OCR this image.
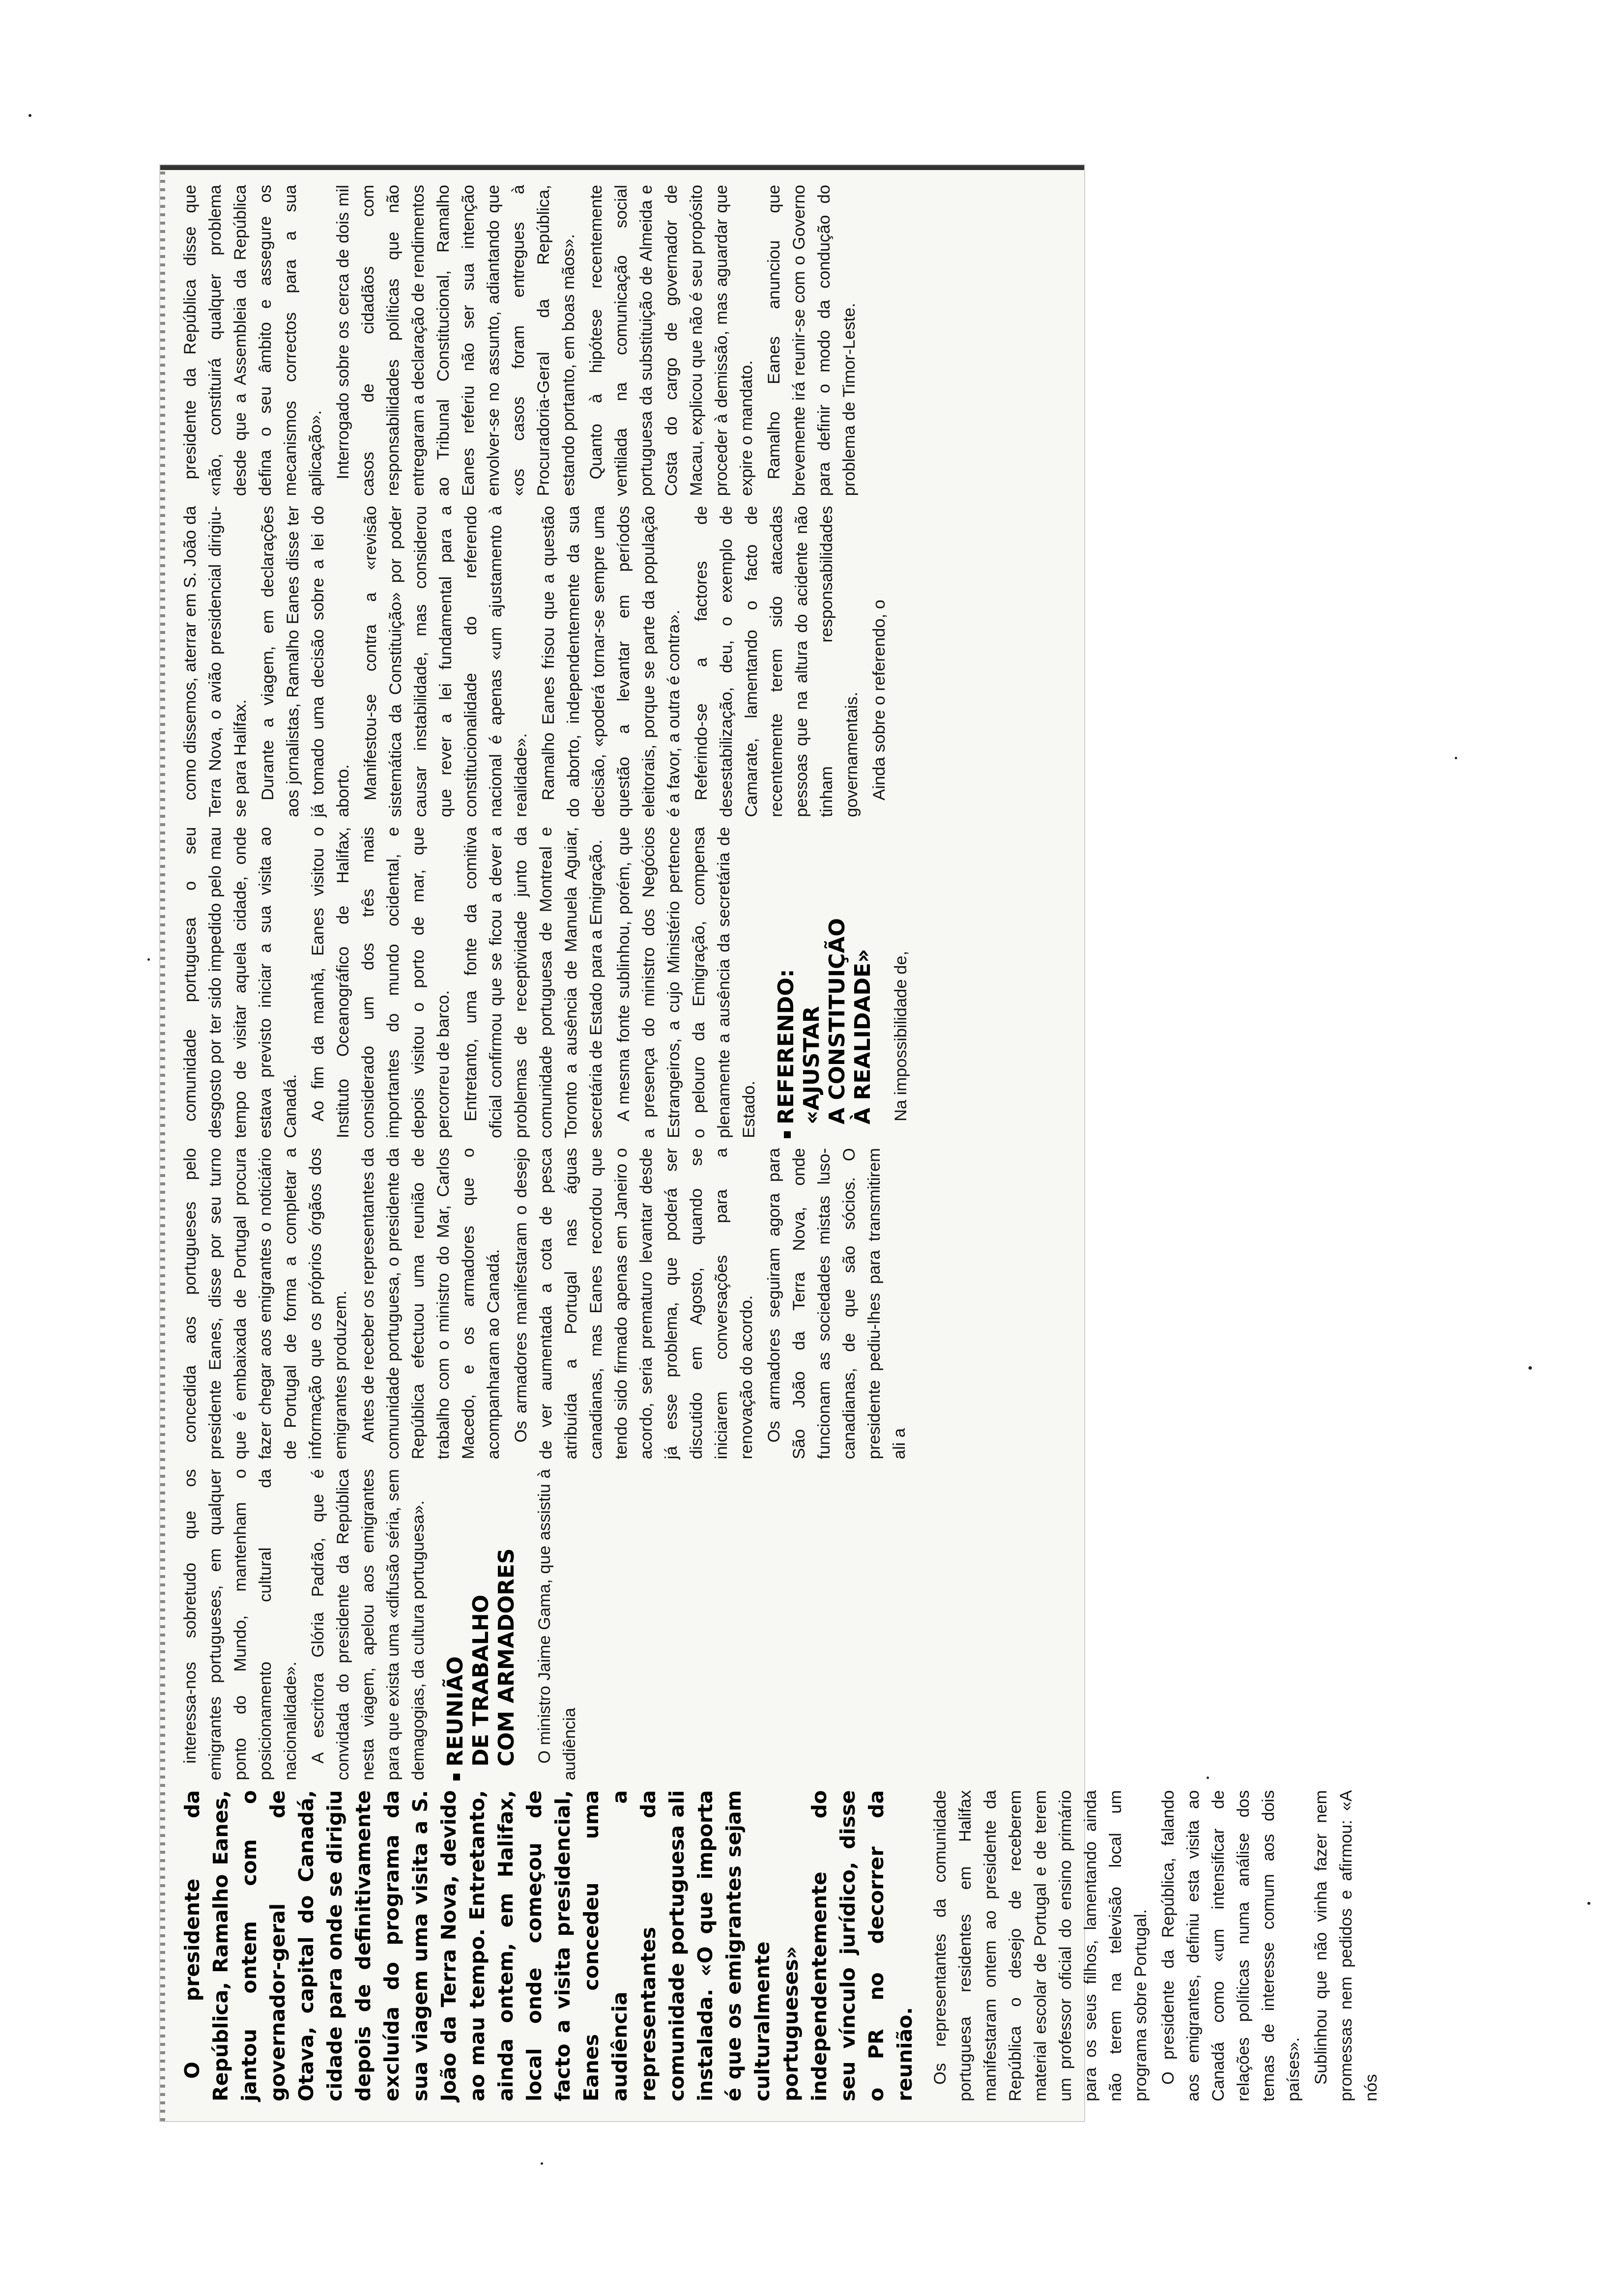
O presidente da República, Ramalho Eanes, jantou ontem com o governador-geral de Otava, capital do Canadá, cidade para onde se dirigiu depois de definitivamente excluída do programa da sua viagem uma visita a S. João da Terra Nova, devido ao mau tempo. Entretanto, ainda ontem, em Halifax, local onde começou de facto a visita presidencial, Eanes concedeu uma audiência a representantes da comunidade portuguesa ali instalada. «O que importa é que os emigrantes sejam culturalmente portugueses» independentemente do seu vínculo jurídico, disse o PR no decorrer da reunião. Os representantes da comunidade portuguesa residentes em Halifax manifestaram ontem ao presidente da República o desejo de receberem material escolar de Portugal e de terem um professor oficial do ensino primário para os seus filhos, lamentando ainda não terem na televisão local um programa sobre Portugal. O presidente da República, falando aos emigrantes, definiu esta visita ao Canadá como «um intensificar de relações políticas numa análise dos temas de interesse comum aos dois países». Sublinhou que não vinha fazer nem promessas nem pedidos e afirmou: «A nós

interessa-nos sobretudo que os emigrantes portugueses, em qualquer ponto do Mundo, mantenham o posicionamento cultural da nacionalidade». A escritora Glória Padrão, que é convidada do presidente da República nesta viagem, apelou aos emigrantes para que exista uma «difusão séria, sem demagogias, da cultura portuguesa». REUNIÃO DE TRABALHO COM ARMADORES O ministro Jaime Gama, que assistiu à audiência

concedida aos portugueses pelo presidente Eanes, disse por seu turno que é embaixada de Portugal procura fazer chegar aos emigrantes o noticiário de Portugal de forma a completar a informação que os próprios órgãos dos emigrantes produzem. Antes de receber os representantes da comunidade portuguesa, o presidente da República efectuou uma reunião de trabalho com o ministro do Mar, Carlos Macedo, e os armadores que o acompanharam ao Canadá. Os armadores manifestaram o desejo de ver aumentada a cota de pesca atribuída a Portugal nas águas canadianas, mas Eanes recordou que tendo sido firmado apenas em Janeiro o acordo, seria prematuro levantar desde já esse problema, que poderá ser discutido em Agosto, quando se iniciarem conversações para a renovação do acordo. Os armadores seguiram agora para São João da Terra Nova, onde funcionam as sociedades mistas luso-canadianas, de que são sócios. O presidente pediu-lhes para transmitirem ali a

comunidade portuguesa o seu desgosto por ter sido impedido pelo mau tempo de visitar aquela cidade, onde estava previsto iniciar a sua visita ao Canadá. Ao fim da manhã, Eanes visitou o Instituto Oceanográfico de Halifax, considerado um dos três mais importantes do mundo ocidental, e depois visitou o porto de mar, que percorreu de barco. Entretanto, uma fonte da comitiva oficial confirmou que se ficou a dever a problemas de receptividade junto da comunidade portuguesa de Montreal e Toronto a ausência de Manuela Aguiar, secretária de Estado para a Emigração. A mesma fonte sublinhou, porém, que a presença do ministro dos Negócios Estrangeiros, a cujo Ministério pertence o pelouro da Emigração, compensa plenamente a ausência da secretária de Estado. REFERENDO: «AJUSTAR A CONSTITUIÇÃO À REALIDADE» Na impossibilidade de,

como dissemos, aterrar em S. João da Terra Nova, o avião presidencial dirigiu-se para Halifax. Durante a viagem, em declarações aos jornalistas, Ramalho Eanes disse ter já tomado uma decisão sobre a lei do aborto. Manifestou-se contra a «revisão sistemática da Constituição» por poder causar instabilidade, mas considerou que rever a lei fundamental para a constitucionalidade do referendo nacional é apenas «um ajustamento à realidade». Ramalho Eanes frisou que a questão do aborto, independentemente da sua decisão, «poderá tornar-se sempre uma questão a levantar em períodos eleitorais, porque se parte da população é a favor, a outra é contra». Referindo-se a factores de desestabilização, deu, o exemplo de Camarate, lamentando o facto de recentemente terem sido atacadas pessoas que na altura do acidente não tinham responsabilidades governamentais. Ainda sobre o referendo, o

presidente da República disse que «não, constituirá qualquer problema desde que a Assembleia da República defina o seu âmbito e assegure os mecanismos correctos para a sua aplicação». Interrogado sobre os cerca de dois mil casos de cidadãos com responsabilidades políticas que não entregaram a declaração de rendimentos ao Tribunal Constitucional, Ramalho Eanes referiu não ser sua intenção envolver-se no assunto, adiantando que «os casos foram entregues à Procuradoria-Geral da República, estando portanto, em boas mãos». Quanto à hipótese recentemente ventilada na comunicação social portuguesa da substituição de Almeida e Costa do cargo de governador de Macau, explicou que não é seu propósito proceder à demissão, mas aguardar que expire o mandato. Ramalho Eanes anunciou que brevemente irá reunir-se com o Governo para definir o modo da condução do problema de Timor-Leste.
